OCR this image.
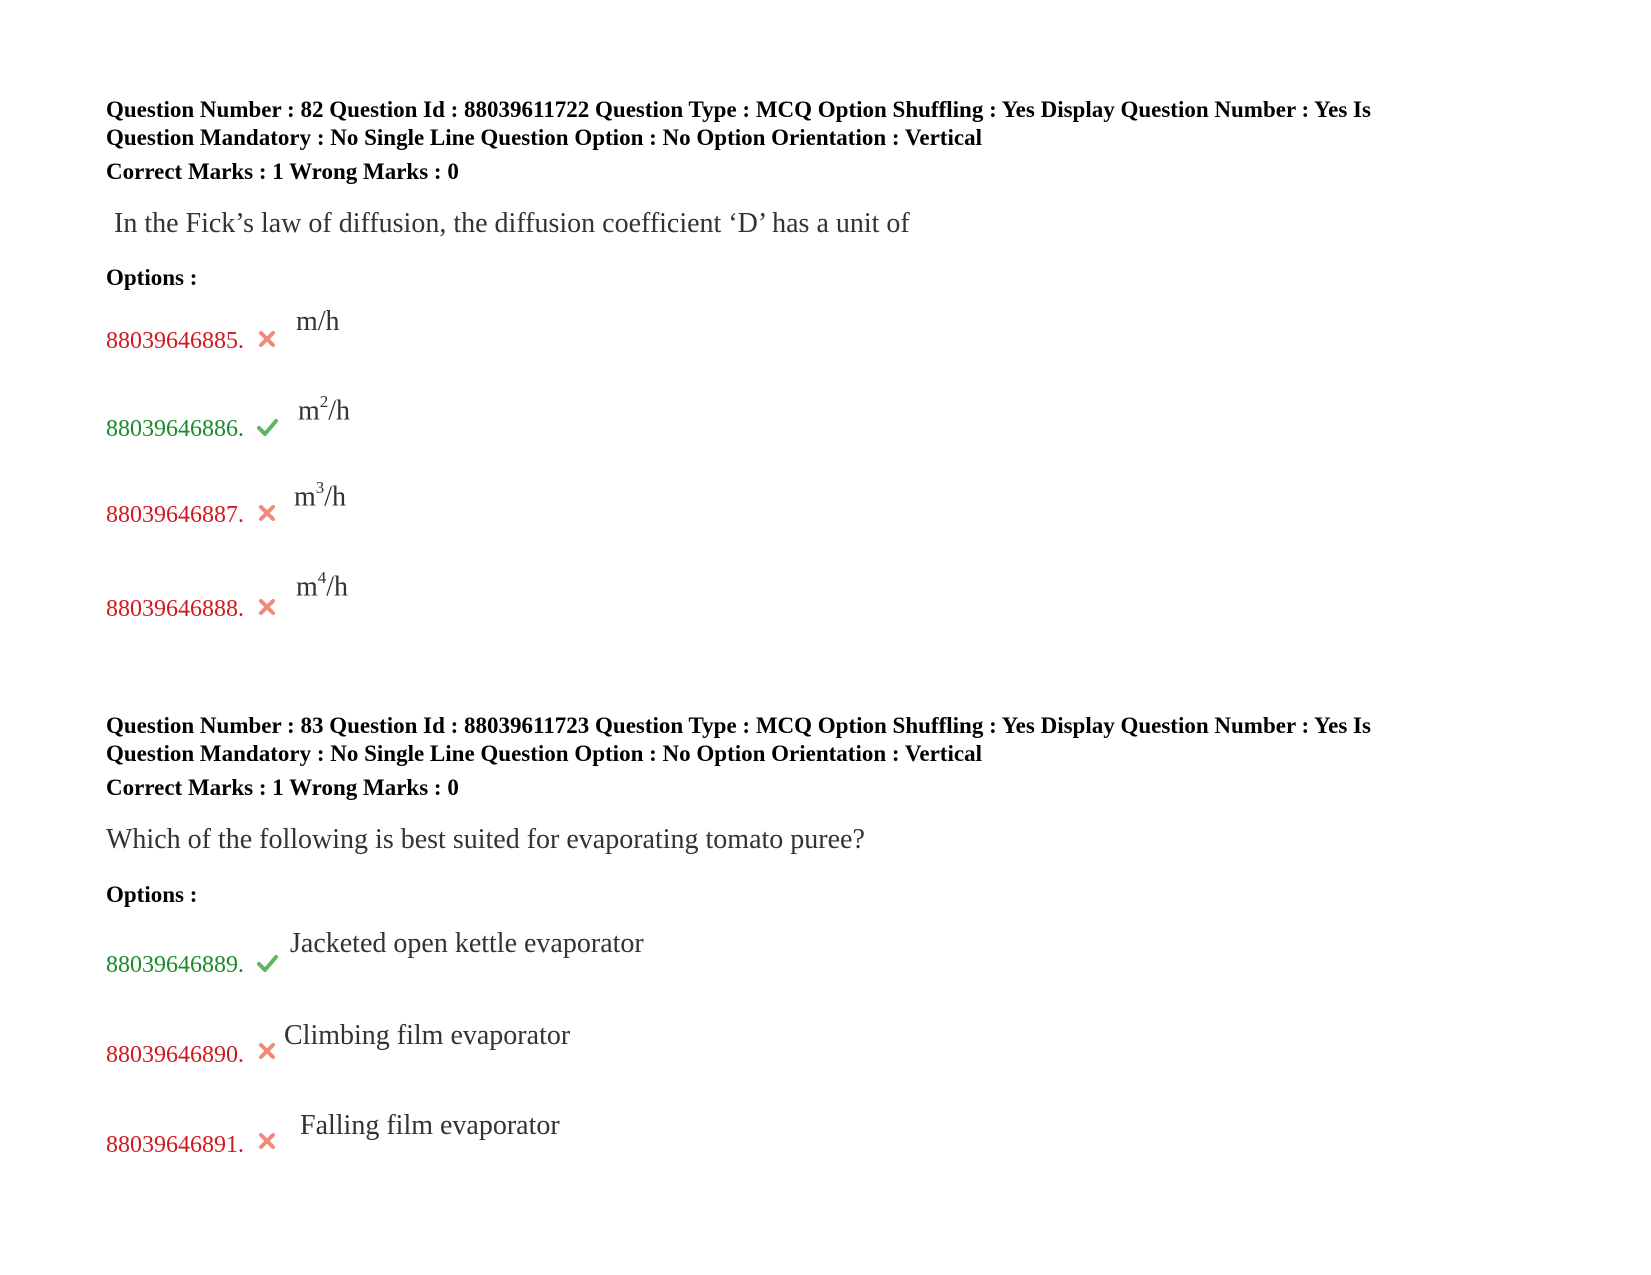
Question Number : 82 Question Id : 88039611722 Question Type : MCQ Option Shuffling : Yes Display Question Number : Yes Is

Question Mandatory : No Single Line Question Option : No Option Orientation : Vertical

Correct Marks : 1 Wrong Marks : 0
In the Fick’s law of diffusion, the diffusion coefficient ‘D’ has a unit of
Options :
88039646885.
m/h
88039646886.
$m^2/h$
88039646887.
$m^3/h$
88039646888.
$m^4/h$

Question Number : 83 Question Id : 88039611723 Question Type : MCQ Option Shuffling : Yes Display Question Number : Yes Is

Question Mandatory : No Single Line Question Option : No Option Orientation : Vertical

Correct Marks : 1 Wrong Marks : 0
Which of the following is best suited for evaporating tomato puree?
Options :
88039646889.
Jacketed open kettle evaporator
88039646890.
Climbing film evaporator
88039646891.
Falling film evaporator
